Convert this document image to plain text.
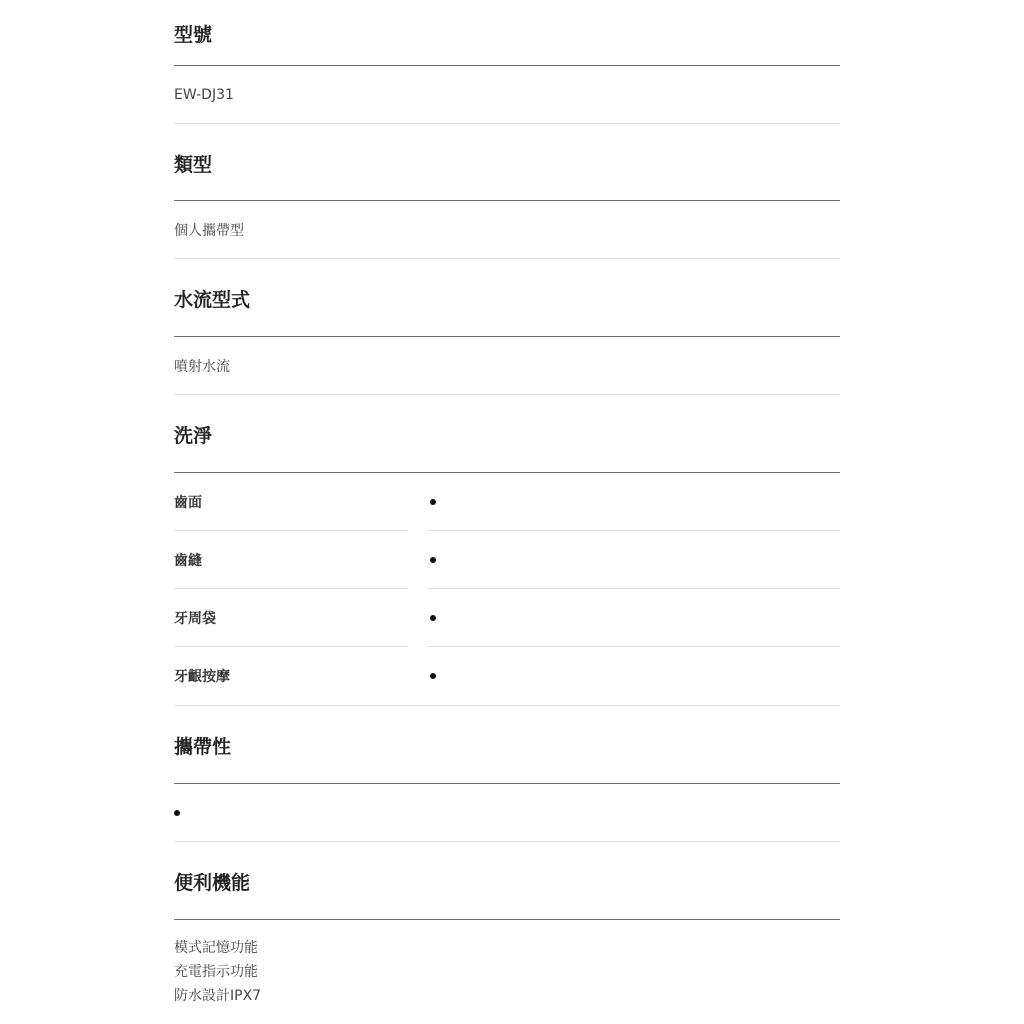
型號
EW-DJ31
類型
個人攜帶型
水流型式
噴射水流
洗淨
齒面
齒縫
牙周袋
牙齦按摩
攜帶性
便利機能
模式記憶功能
充電指示功能
防水設計IPX7
